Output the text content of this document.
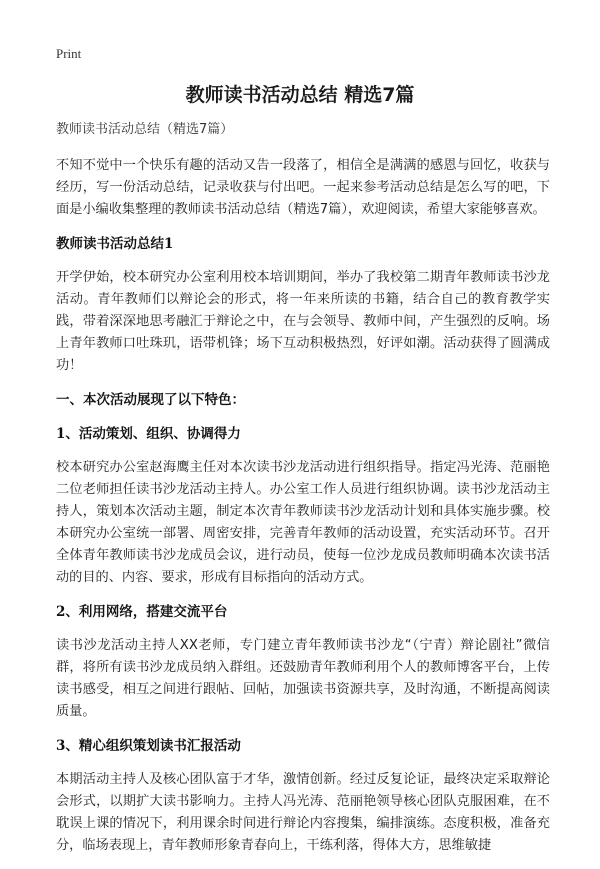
Print
教师读书活动总结 精选7篇
教师读书活动总结（精选7篇）

不知不觉中一个快乐有趣的活动又告一段落了，相信全是满满的感恩与回忆，收获与经历，写一份活动总结，记录收获与付出吧。一起来参考活动总结是怎么写的吧，下面是小编收集整理的教师读书活动总结（精选7篇），欢迎阅读，希望大家能够喜欢。

教师读书活动总结1

开学伊始，校本研究办公室利用校本培训期间，举办了我校第二期青年教师读书沙龙活动。青年教师们以辩论会的形式，将一年来所读的书籍，结合自己的教育教学实践，带着深深地思考融汇于辩论之中，在与会领导、教师中间，产生强烈的反响。场上青年教师口吐珠玑，语带机锋；场下互动积极热烈，好评如潮。活动获得了圆满成功！

一、本次活动展现了以下特色：
1、活动策划、组织、协调得力

校本研究办公室赵海鹰主任对本次读书沙龙活动进行组织指导。指定冯光涛、范丽艳二位老师担任读书沙龙活动主持人。办公室工作人员进行组织协调。读书沙龙活动主持人，策划本次活动主题，制定本次青年教师读书沙龙活动计划和具体实施步骤。校本研究办公室统一部署、周密安排，完善青年教师的活动设置，充实活动环节。召开全体青年教师读书沙龙成员会议，进行动员，使每一位沙龙成员教师明确本次读书活动的目的、内容、要求，形成有目标指向的活动方式。

2、利用网络，搭建交流平台

读书沙龙活动主持人XX老师，专门建立青年教师读书沙龙“（宁青）辩论剧社”微信群，将所有读书沙龙成员纳入群组。还鼓励青年教师利用个人的教师博客平台，上传读书感受，相互之间进行跟帖、回帖，加强读书资源共享，及时沟通，不断提高阅读质量。

3、精心组织策划读书汇报活动

本期活动主持人及核心团队富于才华，激情创新。经过反复论证，最终决定采取辩论会形式，以期扩大读书影响力。主持人冯光涛、范丽艳领导核心团队克服困难，在不耽误上课的情况下，利用课余时间进行辩论内容搜集，编排演练。态度积极，准备充分，临场表现上，青年教师形象青春向上，干练利落，得体大方，思维敏捷
